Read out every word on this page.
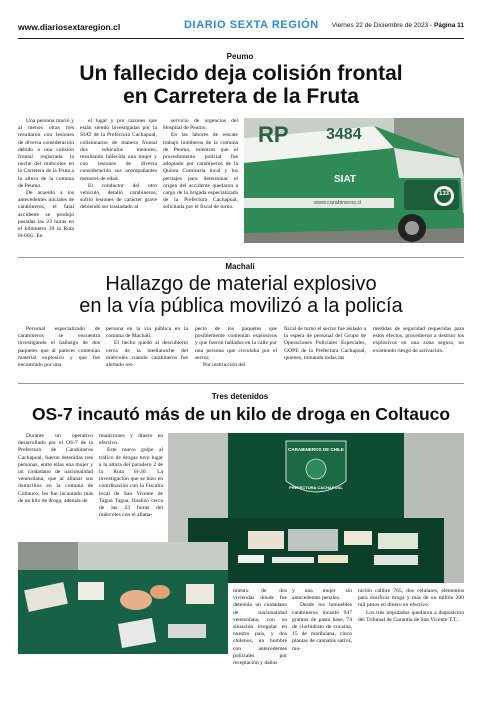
www.diariosextaregion.cl	DIARIO SEXTA REGIÓN Viernes 22 de Diciembre de 2023 - Página 11
Peumo
Un fallecido deja colisión frontal
en Carretera de la Fruta

Una persona murió y al menos otras tres resultaron con lesiones de diversa consideración debido a una colisión frontal registrada la noche del miércoles en la Carretera de la Fruta a la altura de la comuna de Peumo.

De acuerdo a los antecedentes iniciales de carabineros, el fatal accidente se produjo pasadas las 23 horas en el kilómetro 39 la Ruta H-66G. En

el lugar y por razones que están siendo investigadas por la SIAT de la Prefectura Cachapoal, colisionaron de manera frontal dos vehículos menores, resultando fallecida una mujer y con lesiones de diversa consideración sus acompañantes menores de edad.

El conductor del otro vehículo, detalló carabineros, sufrió lesiones de carácter grave debiendo ser trasladado al

servicio de urgencias del Hospital de Peumo.

En las labores de rescate trabajó bomberos de la comuna de Peumo, mientras que el procedimiento policial fue adoptado por carabineros de la Quinta Comisaría local y los peritajes para determinar el origen del accidente quedaron a cargo de la brigada especializada de la Prefectura Cachapoal, solicitada por el fiscal de turno.

RP 3484
SIAT
www.carabineros.cl
133
Machalí
Hallazgo de material explosivo
en la vía pública movilizó a la policía

Personal especializado de carabineros se encuentra investigando el hallazgo de dos paquetes que al parecer contenían material explosivo y que fue encontrado por una

persona en la vía pública en la comuna de Machalí.

El hecho quedó al descubierto cerca de la medianoche del miércoles cuando carabineros fue alertado res-

pecto de los paquetes que posiblemente contenían explosivos y que fueron hallados en la calle por una persona que circulaba por el sector.

Por instrucción del

fiscal de turno el sector fue aislado a la espera de personal del Grupo de Operaciones Policiales Especiales, GOPE de la Prefectura Cachapoal, quienes, tomando todas las

medidas de seguridad requeridas para estos efectos, procedieron a destruir los explosivos en una zona segura, no existiendo riesgo de activación.

Tres detenidos
OS-7 incautó más de un kilo de droga en Coltauco

Durante un operativo desarrollado por el OS-7 de la Prefectura de Carabineros Cachapoal, fueron detenidas tres personas, entre ellas una mujer y un ciudadano de nacionalidad venezolana, que al allanar sus domicilios en la comuna de Coltauco, les fue incautado más de un kilo de droga, además de

municiones y dinero en efectivo.

Este nuevo golpe al tráfico de drogas tuvo lugar a la altura del paradero 2 de la Ruta H-30. La investigación que se hizo en coordinación con la Fiscalía local de San Vicente de Tagua Tagua, finalizó cerca de las 23 horas del miércoles con el allana-

CARABINEROS DE CHILE
PREFECTURA CACHAPOAL

miento de dos viviendas donde fue detenido un ciudadano de nacionalidad venezolana, con su situación irregular en nuestro país, y dos chilenos, un hombre con antecedentes policiales por receptación y daños

y una mujer sin antecedentes penales.

Desde los inmuebles carabineros incautó 947 gramos de pasta base, 74 de clorhidrato de cocaína, 15 de marihuana, cinco plantas de cannabis sativa, mu-

nición calibre 765, dos celulares, elementos para dosificar droga y más de un millón 200 mil pesos en dinero en efectivo.

Los tres imputados quedaron a disposición del Tribunal de Garantía de San Vicente T.T..
